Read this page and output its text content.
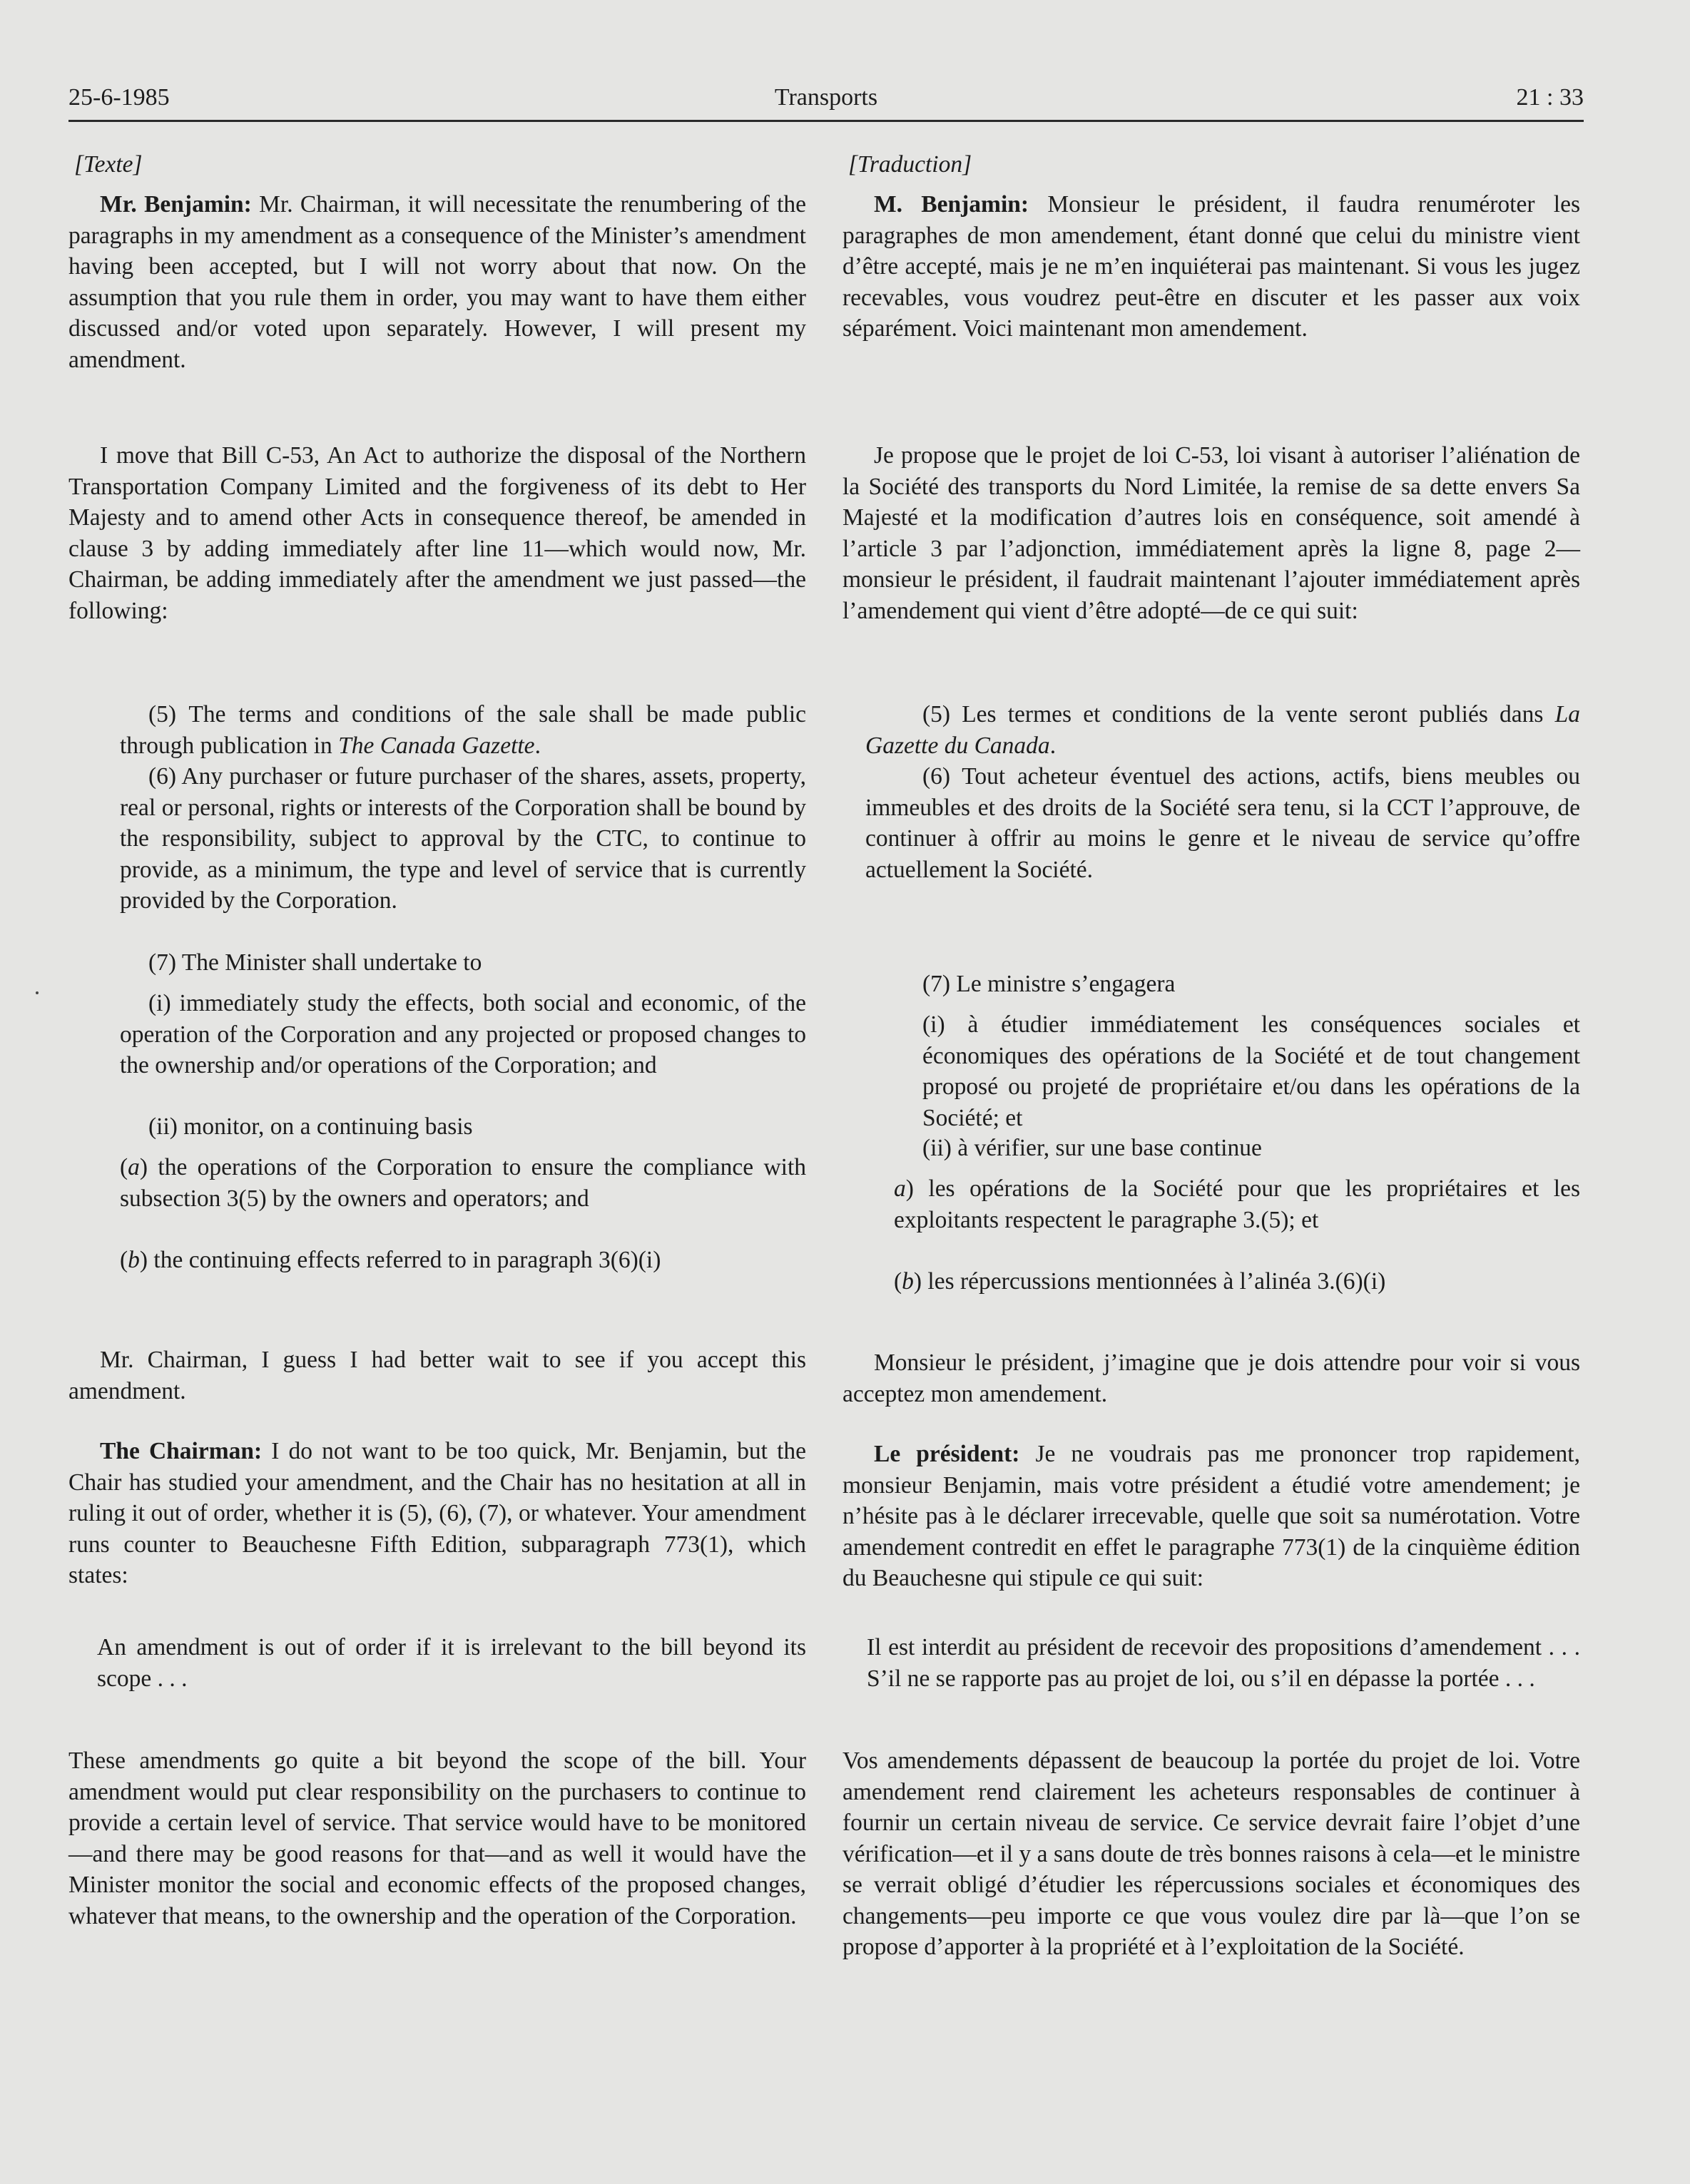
25-6-1985	Transports	21 : 33
[Texte]

Mr. Benjamin: Mr. Chairman, it will necessitate the renumbering of the paragraphs in my amendment as a consequence of the Minister’s amendment having been accepted, but I will not worry about that now. On the assumption that you rule them in order, you may want to have them either discussed and/or voted upon separately. However, I will present my amendment.

I move that Bill C-53, An Act to authorize the disposal of the Northern Transportation Company Limited and the forgiveness of its debt to Her Majesty and to amend other Acts in consequence thereof, be amended in clause 3 by adding immediately after line 11—which would now, Mr. Chairman, be adding immediately after the amendment we just passed—the following:

(5) The terms and conditions of the sale shall be made public through publication in The Canada Gazette.

(6) Any purchaser or future purchaser of the shares, assets, property, real or personal, rights or interests of the Corporation shall be bound by the responsibility, subject to approval by the CTC, to continue to provide, as a minimum, the type and level of service that is currently provided by the Corporation.

(7) The Minister shall undertake to

(i) immediately study the effects, both social and economic, of the operation of the Corporation and any projected or proposed changes to the ownership and/or operations of the Corporation; and

(ii) monitor, on a continuing basis

(a) the operations of the Corporation to ensure the compliance with subsection 3(5) by the owners and operators; and

(b) the continuing effects referred to in paragraph 3(6)(i)

Mr. Chairman, I guess I had better wait to see if you accept this amendment.

The Chairman: I do not want to be too quick, Mr. Benjamin, but the Chair has studied your amendment, and the Chair has no hesitation at all in ruling it out of order, whether it is (5), (6), (7), or whatever. Your amendment runs counter to Beauchesne Fifth Edition, subparagraph 773(1), which states:

An amendment is out of order if it is irrelevant to the bill beyond its scope . . .

These amendments go quite a bit beyond the scope of the bill. Your amendment would put clear responsibility on the purchasers to continue to provide a certain level of service. That service would have to be monitored—and there may be good reasons for that—and as well it would have the Minister monitor the social and economic effects of the proposed changes, whatever that means, to the ownership and the operation of the Corporation.

[Traduction]

M. Benjamin: Monsieur le président, il faudra renuméroter les paragraphes de mon amendement, étant donné que celui du ministre vient d’être accepté, mais je ne m’en inquiéterai pas maintenant. Si vous les jugez recevables, vous voudrez peut-être en discuter et les passer aux voix séparément. Voici maintenant mon amendement.

Je propose que le projet de loi C-53, loi visant à autoriser l’aliénation de la Société des transports du Nord Limitée, la remise de sa dette envers Sa Majesté et la modification d’autres lois en conséquence, soit amendé à l’article 3 par l’adjonction, immédiatement après la ligne 8, page 2—monsieur le président, il faudrait maintenant l’ajouter immédiatement après l’amendement qui vient d’être adopté—de ce qui suit:

(5) Les termes et conditions de la vente seront publiés dans La Gazette du Canada.

(6) Tout acheteur éventuel des actions, actifs, biens meubles ou immeubles et des droits de la Société sera tenu, si la CCT l’approuve, de continuer à offrir au moins le genre et le niveau de service qu’offre actuellement la Société.

(7) Le ministre s’engagera

(i) à étudier immédiatement les conséquences sociales et économiques des opérations de la Société et de tout changement proposé ou projeté de propriétaire et/ou dans les opérations de la Société; et

(ii) à vérifier, sur une base continue

a) les opérations de la Société pour que les propriétaires et les exploitants respectent le paragraphe 3.(5); et

(b) les répercussions mentionnées à l’alinéa 3.(6)(i)

Monsieur le président, j’imagine que je dois attendre pour voir si vous acceptez mon amendement.

Le président: Je ne voudrais pas me prononcer trop rapidement, monsieur Benjamin, mais votre président a étudié votre amendement; je n’hésite pas à le déclarer irrecevable, quelle que soit sa numérotation. Votre amendement contredit en effet le paragraphe 773(1) de la cinquième édition du Beauchesne qui stipule ce qui suit:

Il est interdit au président de recevoir des propositions d’amendement . . . S’il ne se rapporte pas au projet de loi, ou s’il en dépasse la portée . . .

Vos amendements dépassent de beaucoup la portée du projet de loi. Votre amendement rend clairement les acheteurs responsables de continuer à fournir un certain niveau de service. Ce service devrait faire l’objet d’une vérification—et il y a sans doute de très bonnes raisons à cela—et le ministre se verrait obligé d’étudier les répercussions sociales et économiques des changements—peu importe ce que vous voulez dire par là—que l’on se propose d’apporter à la propriété et à l’exploitation de la Société.
